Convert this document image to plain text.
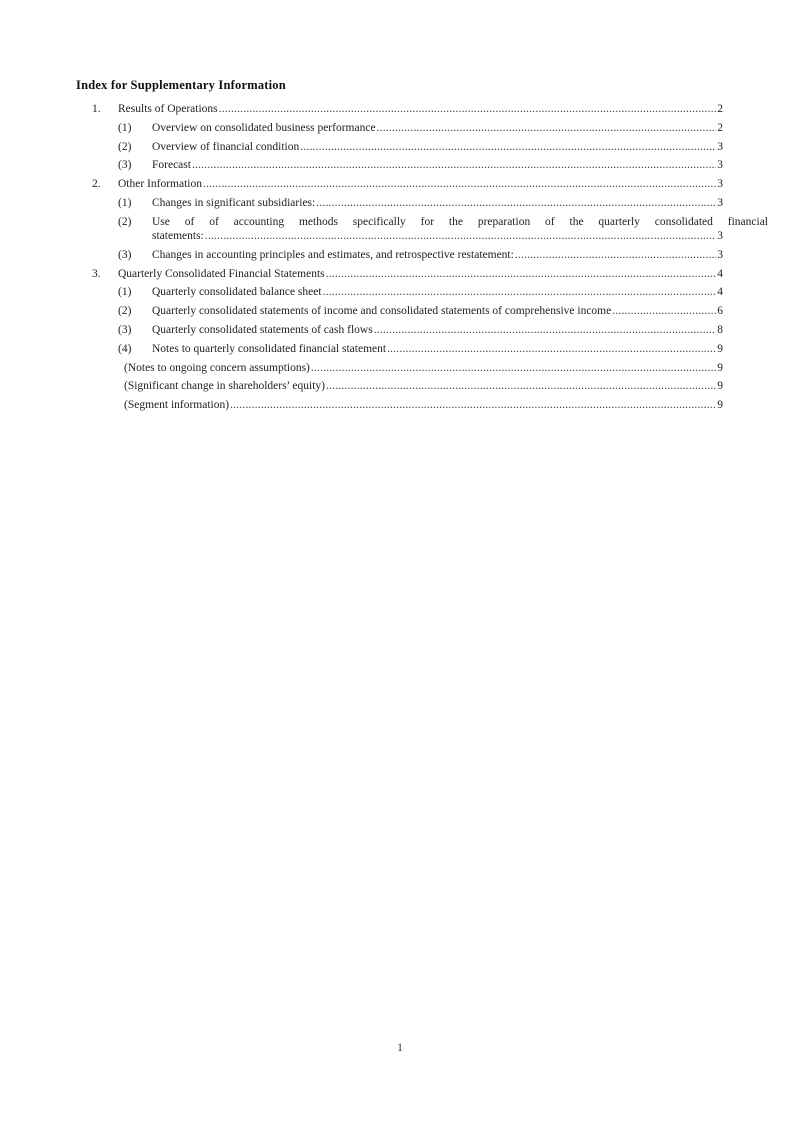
Index for Supplementary Information
1. Results of Operations .....	2
(1) Overview on consolidated business performance .....	2
(2) Overview of financial condition .....	3
(3) Forecast .....	3
2. Other Information .....	3
(1) Changes in significant subsidiaries: .....	3
(2) Use of of accounting methods specifically for the preparation of the quarterly consolidated financial
statements: .....	3
(3) Changes in accounting principles and estimates, and retrospective restatement: .....	3
3. Quarterly Consolidated Financial Statements .....	4
(1) Quarterly consolidated balance sheet .....	4
(2) Quarterly consolidated statements of income and consolidated statements of comprehensive income .....	6
(3) Quarterly consolidated statements of cash flows .....	8
(4) Notes to quarterly consolidated financial statement .....	9
(Notes to ongoing concern assumptions) .....	9
(Significant change in shareholders’ equity) .....	9
(Segment information) .....	9
1
